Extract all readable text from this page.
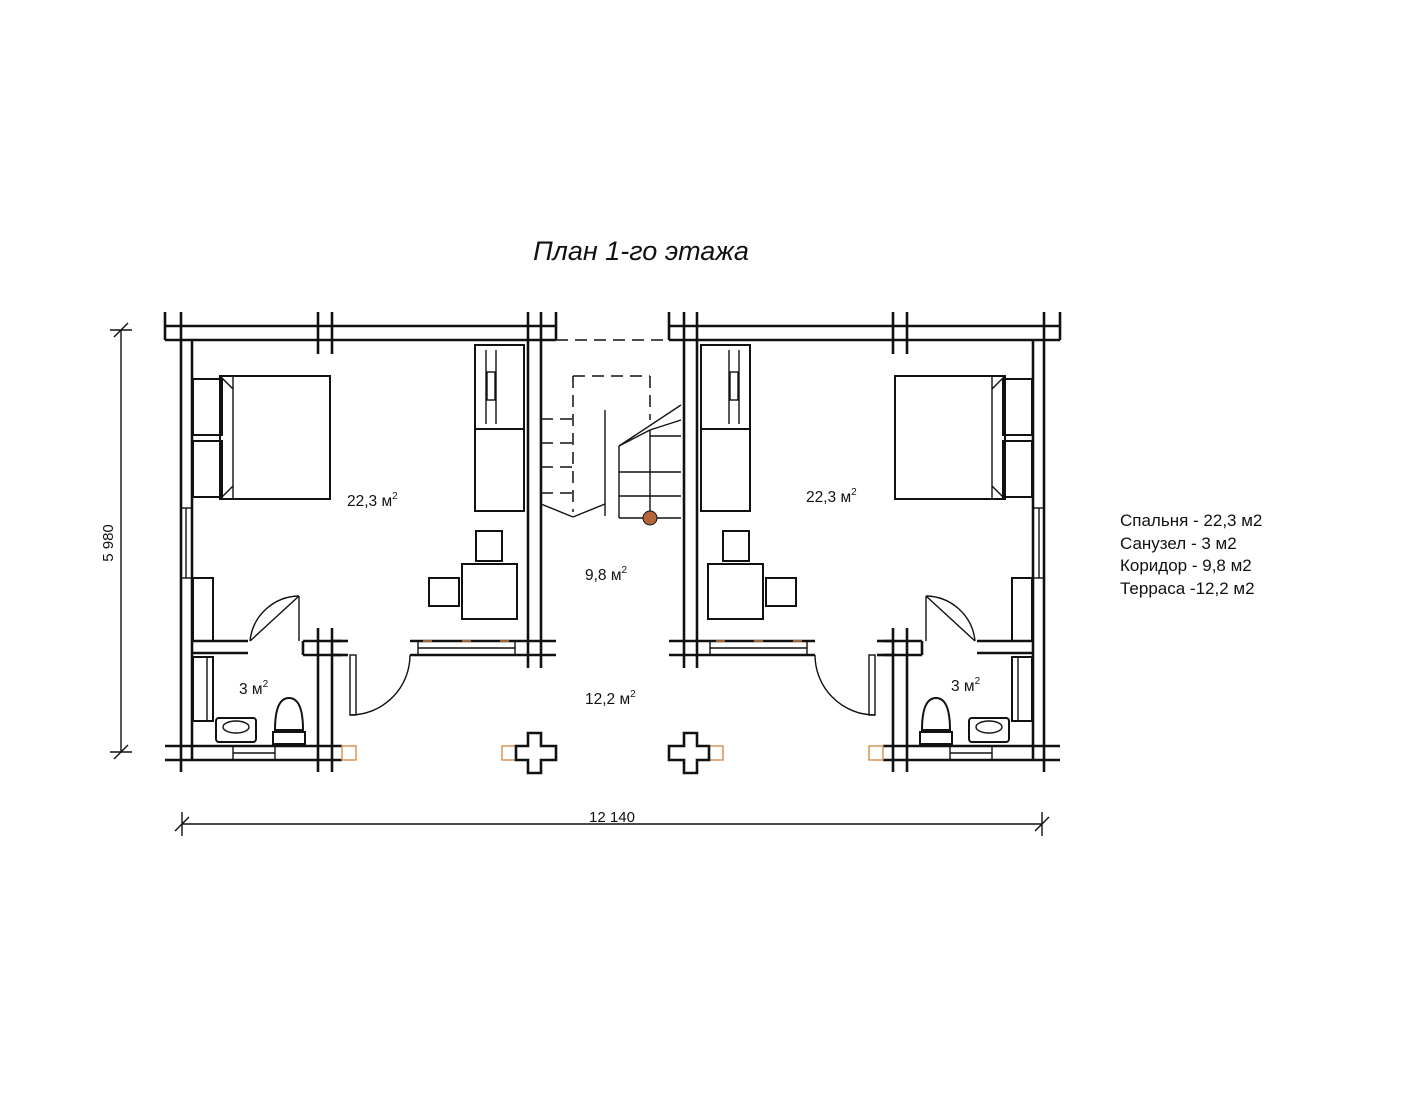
План 1-го этажа
5 980
12 140
22,3 $м^2$	22,3 $м^2$
9,8 $м^2$
12,2 $м^2$
3 $м^2$	3 $м^2$
Спальня - 22,3 м2
Санузел - 3 м2
Коридор - 9,8 м2
Терраса -12,2 м2
